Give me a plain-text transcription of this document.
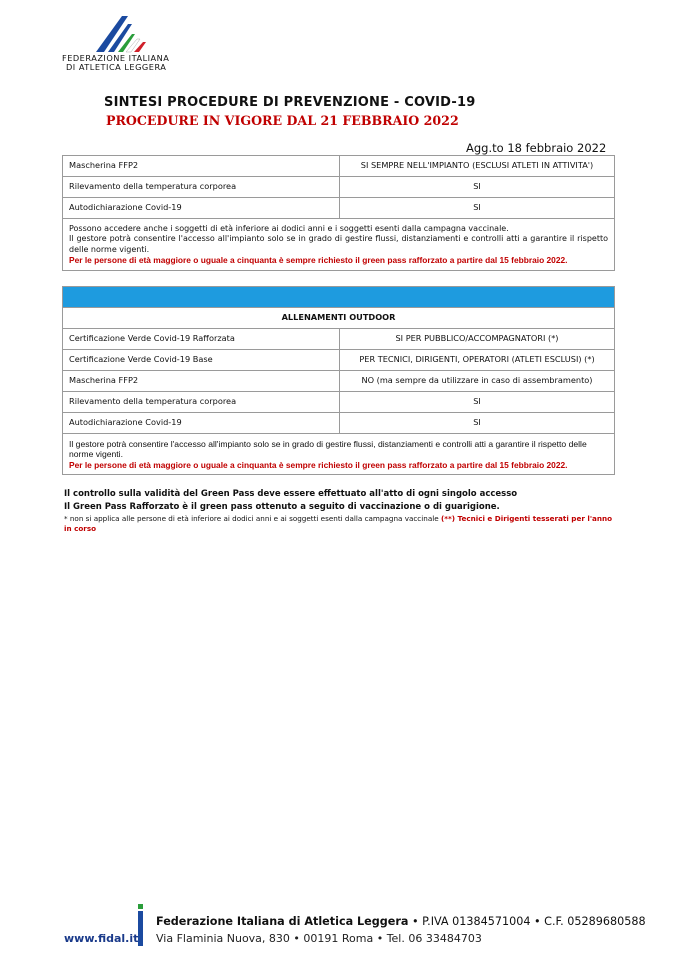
FEDERAZIONE ITALIANA
DI ATLETICA LEGGERA
SINTESI PROCEDURE DI PREVENZIONE - COVID-19
PROCEDURE IN VIGORE DAL 21 FEBBRAIO 2022
Agg.to 18 febbraio 2022
Mascherina FFP2	SI SEMPRE NELL'IMPIANTO (ESCLUSI ATLETI IN ATTIVITA')
Rilevamento della temperatura corporea	SI
Autodichiarazione Covid-19	SI

Possono accedere anche i soggetti di età inferiore ai dodici anni e i soggetti esenti dalla campagna vaccinale.
Il gestore potrà consentire l'accesso all'impianto solo se in grado di gestire flussi, distanziamenti e controlli atti a garantire il rispetto delle norme vigenti.
Per le persone di età maggiore o uguale a cinquanta è sempre richiesto il green pass rafforzato a partire dal 15 febbraio 2022.	

ALLENAMENTI OUTDOOR	
Certificazione Verde Covid-19 Rafforzata	SI PER PUBBLICO/ACCOMPAGNATORI (*)
Certificazione Verde Covid-19 Base	PER TECNICI, DIRIGENTI, OPERATORI (ATLETI ESCLUSI) (*)
Mascherina FFP2	NO (ma sempre da utilizzare in caso di assembramento)
Rilevamento della temperatura corporea	SI
Autodichiarazione Covid-19	SI

Il gestore potrà consentire l'accesso all'impianto solo se in grado di gestire flussi, distanziamenti e controlli atti a garantire il rispetto delle norme vigenti.
Per le persone di età maggiore o uguale a cinquanta è sempre richiesto il green pass rafforzato a partire dal 15 febbraio 2022.	
Il controllo sulla validità del Green Pass deve essere effettuato all'atto di ogni singolo accesso
Il Green Pass Rafforzato è il green pass ottenuto a seguito di vaccinazione o di guarigione.
* non si applica alle persone di età inferiore ai dodici anni e ai soggetti esenti dalla campagna vaccinale (**) Tecnici e Dirigenti tesserati per l'anno in corso
www.fidal.it
Federazione Italiana di Atletica Leggera • P.IVA 01384571004 • C.F. 05289680588
Via Flaminia Nuova, 830 • 00191 Roma • Tel. 06 33484703
